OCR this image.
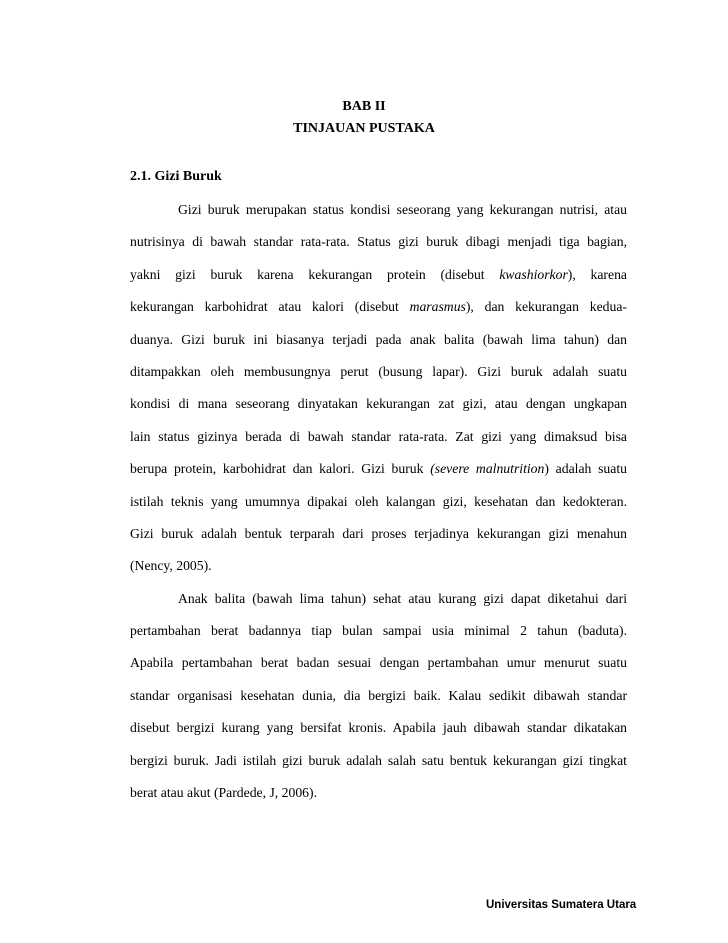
BAB II
TINJAUAN PUSTAKA
2.1. Gizi Buruk
Gizi buruk merupakan status kondisi seseorang yang kekurangan nutrisi, atau
nutrisinya di bawah standar rata-rata. Status gizi buruk dibagi menjadi tiga bagian,
yakni gizi buruk karena kekurangan protein (disebut kwashiorkor), karena
kekurangan karbohidrat atau kalori (disebut marasmus), dan kekurangan kedua-
duanya. Gizi buruk ini biasanya terjadi pada anak balita (bawah lima tahun) dan
ditampakkan oleh membusungnya perut (busung lapar). Gizi buruk adalah suatu
kondisi di mana seseorang dinyatakan kekurangan zat gizi, atau dengan ungkapan
lain status gizinya berada di bawah standar rata-rata. Zat gizi yang dimaksud bisa
berupa protein, karbohidrat dan kalori. Gizi buruk (severe malnutrition) adalah suatu
istilah teknis yang umumnya dipakai oleh kalangan gizi, kesehatan dan kedokteran.
Gizi buruk adalah bentuk terparah dari proses terjadinya kekurangan gizi menahun
(Nency, 2005).
Anak balita (bawah lima tahun) sehat atau kurang gizi dapat diketahui dari
pertambahan berat badannya tiap bulan sampai usia minimal 2 tahun (baduta).
Apabila pertambahan berat badan sesuai dengan pertambahan umur menurut suatu
standar organisasi kesehatan dunia, dia bergizi baik. Kalau sedikit dibawah standar
disebut bergizi kurang yang bersifat kronis. Apabila jauh dibawah standar dikatakan
bergizi buruk. Jadi istilah gizi buruk adalah salah satu bentuk kekurangan gizi tingkat
berat atau akut (Pardede, J, 2006).
Universitas Sumatera Utara
